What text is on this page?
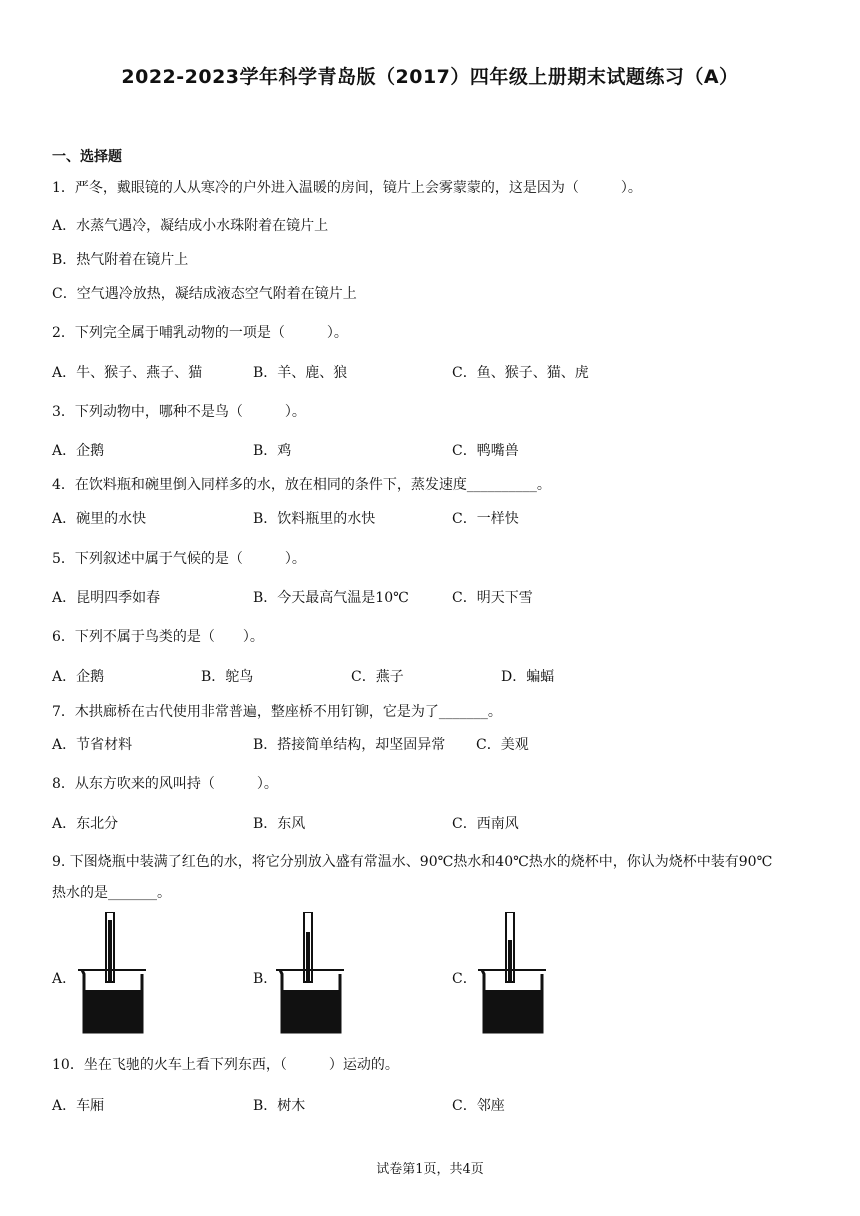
2022-2023学年科学青岛版（2017）四年级上册期末试题练习（A）
一、选择题
1．严冬，戴眼镜的人从寒冷的户外进入温暖的房间，镜片上会雾蒙蒙的，这是因为（　　　）。
A．水蒸气遇冷，凝结成小水珠附着在镜片上
B．热气附着在镜片上
C．空气遇冷放热，凝结成液态空气附着在镜片上
2．下列完全属于哺乳动物的一项是（　　　）。
A．牛、猴子、燕子、猫	B．羊、鹿、狼	C．鱼、猴子、猫、虎
3．下列动物中，哪种不是鸟（　　　）。
A．企鹅	B．鸡	C．鸭嘴兽
4．在饮料瓶和碗里倒入同样多的水，放在相同的条件下，蒸发速度__________。
A．碗里的水快	B．饮料瓶里的水快	C．一样快
5．下列叙述中属于气候的是（　　　）。
A．昆明四季如春	B．今天最高气温是10℃	C．明天下雪
6．下列不属于鸟类的是（　　）。
A．企鹅	B．鸵鸟	C．燕子	D．蝙蝠
7．木拱廊桥在古代使用非常普遍，整座桥不用钉铆，它是为了_______。
A．节省材料	B．搭接简单结构，却坚固异常 C．美观
8．从东方吹来的风叫持（　　　）。
A．东北分	B．东风	C．西南风
9. 下图烧瓶中装满了红色的水，将它分别放入盛有常温水、90℃热水和40℃热水的烧杯中，你认为烧杯中装有90℃
热水的是_______。
A．	B．	C．
10．坐在飞驰的火车上看下列东西，（　　　）运动的。
A．车厢	B．树木	C．邻座
试卷第1页，共4页
